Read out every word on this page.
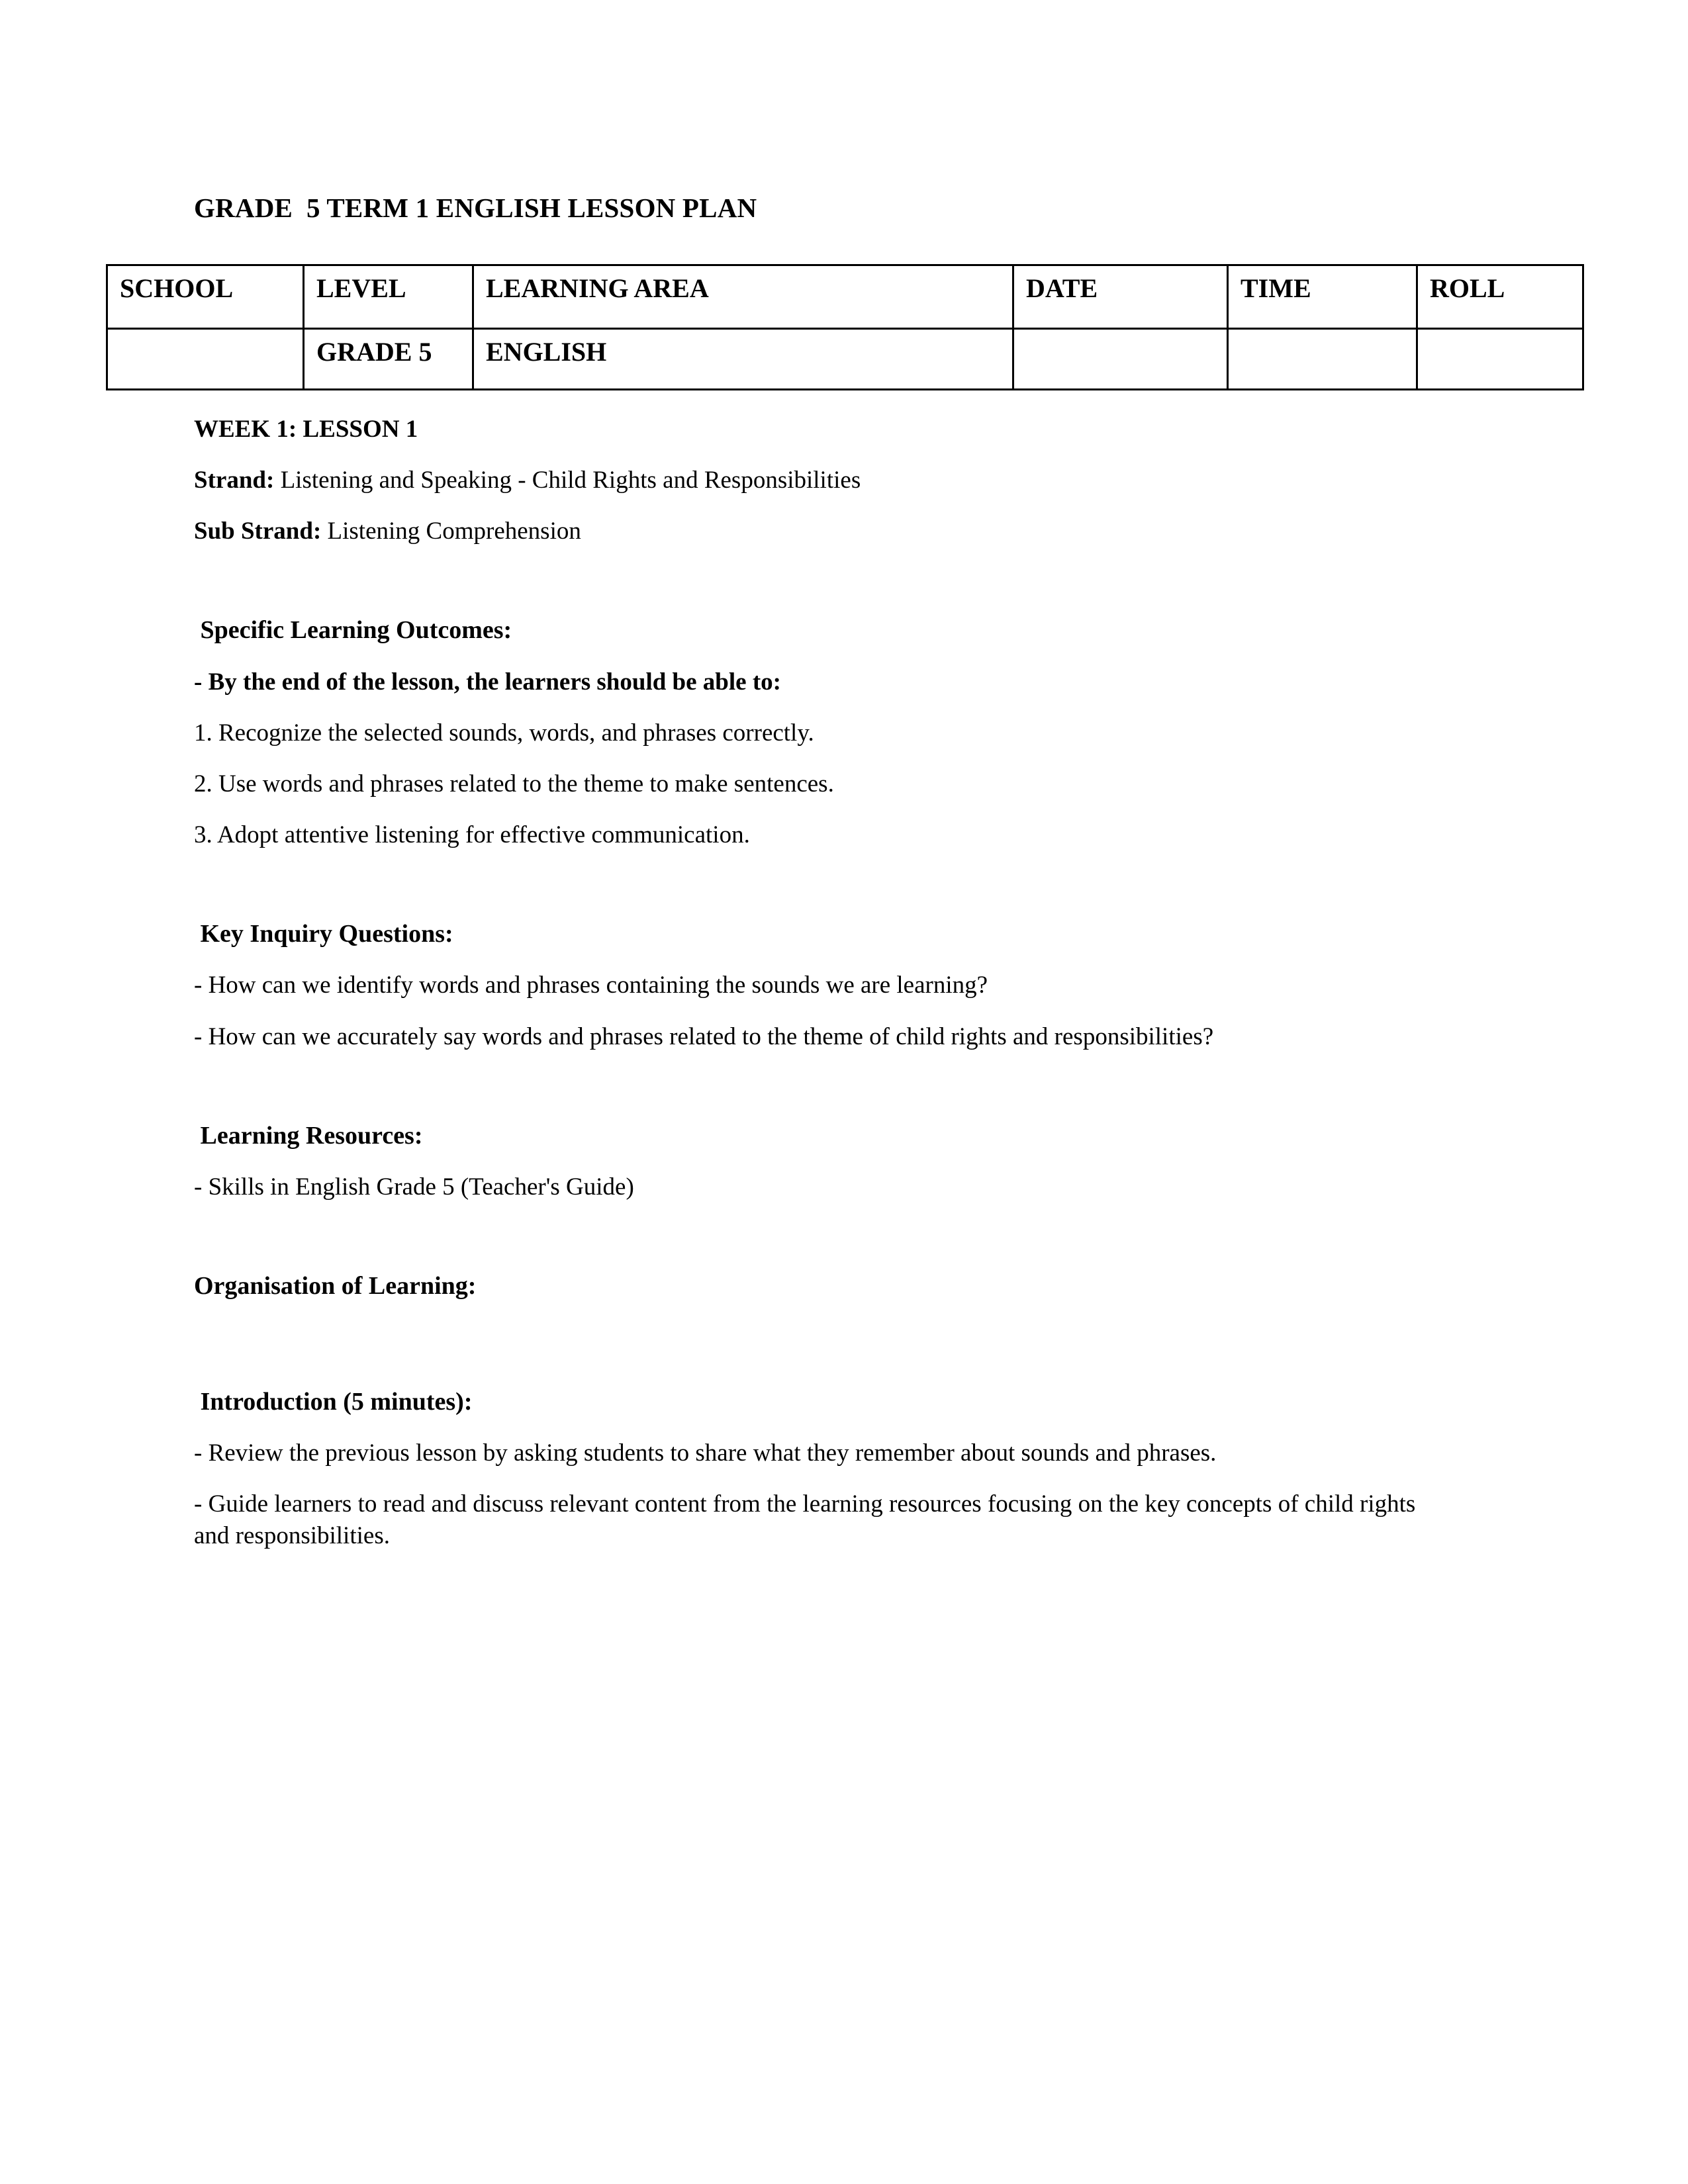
GRADE  5 TERM 1 ENGLISH LESSON PLAN
SCHOOL	LEVEL	LEARNING AREA	DATE	TIME	ROLL
	GRADE 5	ENGLISH			
WEEK 1: LESSON 1
Strand: Listening and Speaking - Child Rights and Responsibilities
Sub Strand: Listening Comprehension
Specific Learning Outcomes:
- By the end of the lesson, the learners should be able to:
1. Recognize the selected sounds, words, and phrases correctly.
2. Use words and phrases related to the theme to make sentences.
3. Adopt attentive listening for effective communication.
Key Inquiry Questions:
- How can we identify words and phrases containing the sounds we are learning?
- How can we accurately say words and phrases related to the theme of child rights and responsibilities?
Learning Resources:
- Skills in English Grade 5 (Teacher's Guide)
Organisation of Learning:
Introduction (5 minutes):
- Review the previous lesson by asking students to share what they remember about sounds and phrases.
- Guide learners to read and discuss relevant content from the learning resources focusing on the key concepts of child rights and responsibilities.
